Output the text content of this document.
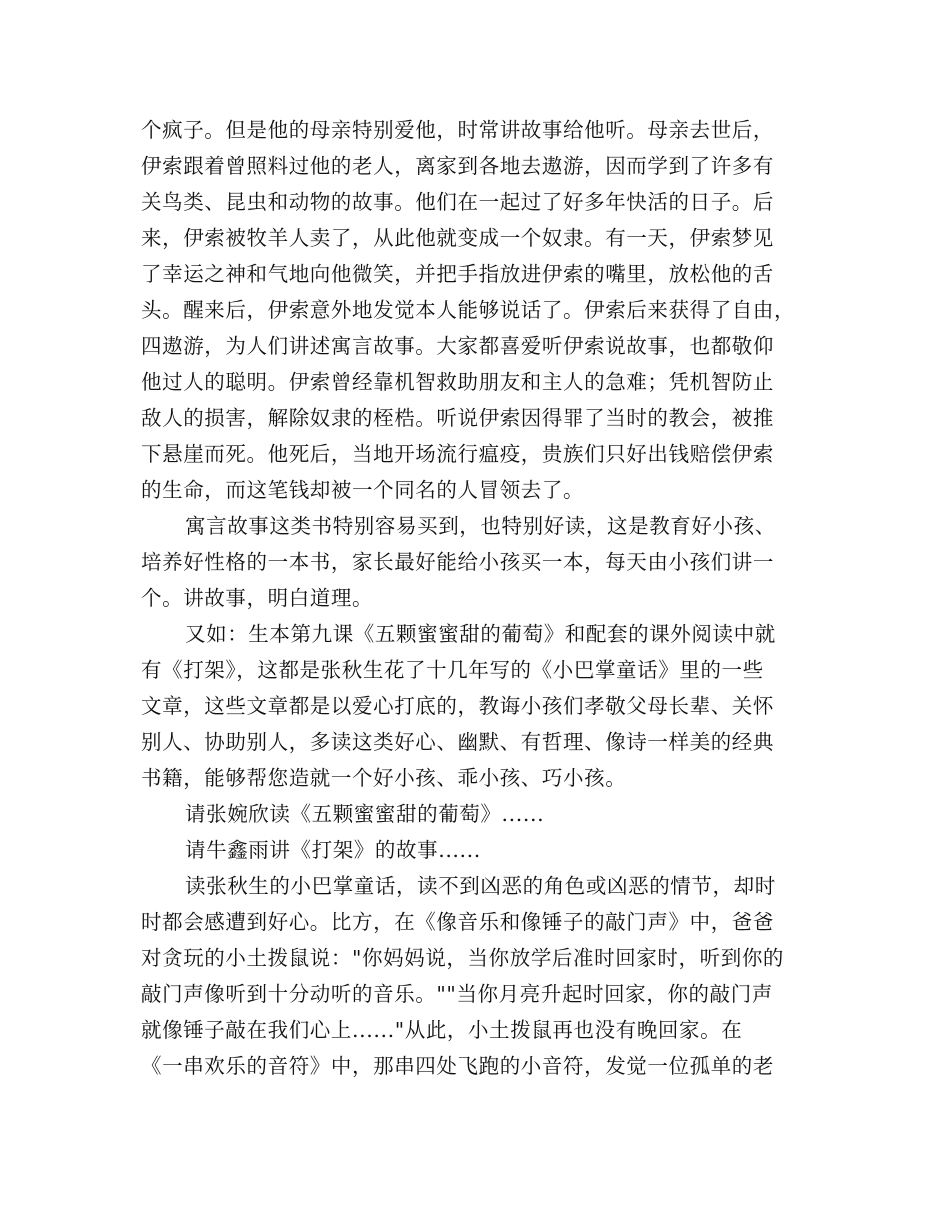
个疯子。但是他的母亲特别爱他，时常讲故事给他听。母亲去世后，
伊索跟着曾照料过他的老人，离家到各地去遨游，因而学到了许多有
关鸟类、昆虫和动物的故事。他们在一起过了好多年快活的日子。后
来，伊索被牧羊人卖了，从此他就变成一个奴隶。有一天，伊索梦见
了幸运之神和气地向他微笑，并把手指放进伊索的嘴里，放松他的舌
头。醒来后，伊索意外地发觉本人能够说话了。伊索后来获得了自由，
四遨游，为人们讲述寓言故事。大家都喜爱听伊索说故事，也都敬仰
他过人的聪明。伊索曾经靠机智救助朋友和主人的急难；凭机智防止
敌人的损害，解除奴隶的桎梏。听说伊索因得罪了当时的教会，被推
下悬崖而死。他死后，当地开场流行瘟疫，贵族们只好出钱赔偿伊索
的生命，而这笔钱却被一个同名的人冒领去了。
寓言故事这类书特别容易买到，也特别好读，这是教育好小孩、
培养好性格的一本书，家长最好能给小孩买一本，每天由小孩们讲一
个。讲故事，明白道理。
又如：生本第九课《五颗蜜蜜甜的葡萄》和配套的课外阅读中就
有《打架》，这都是张秋生花了十几年写的《小巴掌童话》里的一些
文章，这些文章都是以爱心打底的，教诲小孩们孝敬父母长辈、关怀
别人、协助别人，多读这类好心、幽默、有哲理、像诗一样美的经典
书籍，能够帮您造就一个好小孩、乖小孩、巧小孩。
请张婉欣读《五颗蜜蜜甜的葡萄》......
请牛鑫雨讲《打架》的故事......
读张秋生的小巴掌童话，读不到凶恶的角色或凶恶的情节，却时
时都会感遭到好心。比方，在《像音乐和像锤子的敲门声》中，爸爸
对贪玩的小土拨鼠说："你妈妈说，当你放学后准时回家时，听到你的
敲门声像听到十分动听的音乐。""当你月亮升起时回家，你的敲门声
就像锤子敲在我们心上......"从此，小土拨鼠再也没有晚回家。在
《一串欢乐的音符》中，那串四处飞跑的小音符，发觉一位孤单的老
